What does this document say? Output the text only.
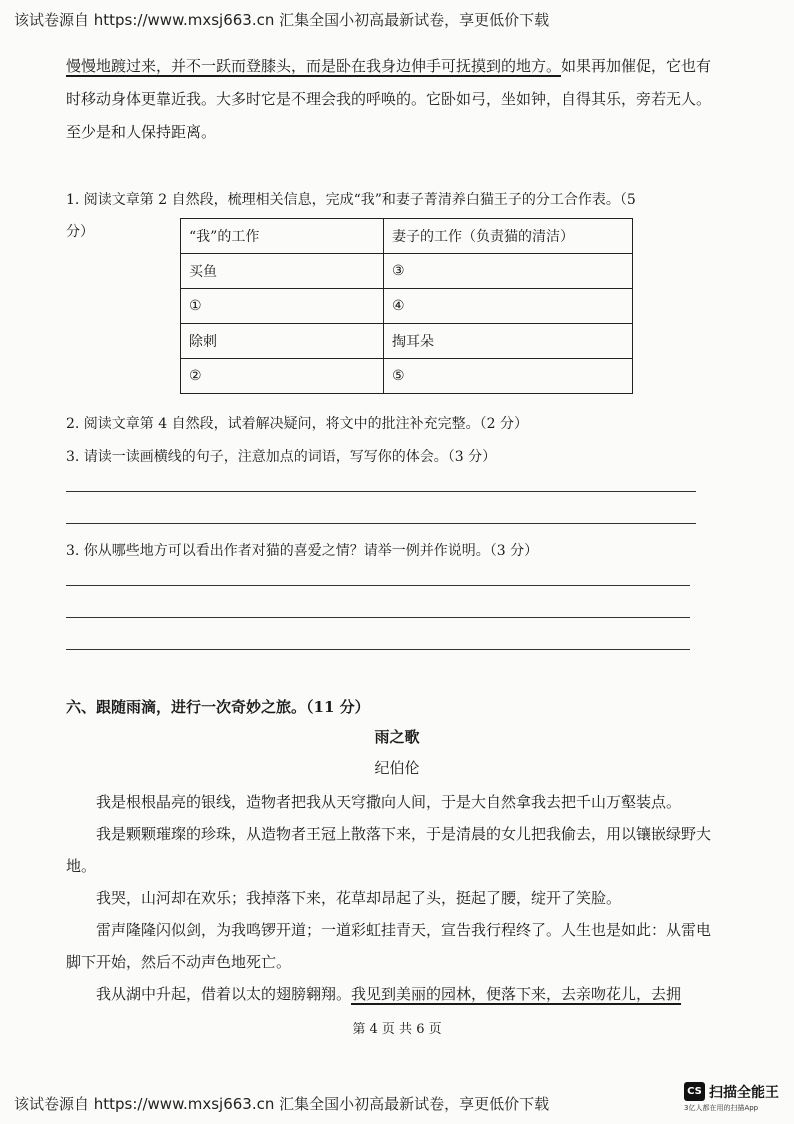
该试卷源自 https://www.mxsj663.cn 汇集全国小初高最新试卷，享更低价下载
慢慢地踱过来，并不一跃而登膝头，而是卧在我身边伸手可抚摸到的地方。如果再加催促，它也有时移动身体更靠近我。大多时它是不理会我的呼唤的。它卧如弓，坐如钟，自得其乐，旁若无人。至少是和人保持距离。
1. 阅读文章第 2 自然段，梳理相关信息，完成“我”和妻子菁清养白猫王子的分工合作表。（5
分）	“我”的工作	妻子的工作（负责猫的清洁）
买鱼	③
①	④
除刺	掏耳朵
②	⑤
2. 阅读文章第 4 自然段，试着解决疑问，将文中的批注补充完整。（2 分）
3. 请读一读画横线的句子，注意加点的词语，写写你的体会。（3 分）
3. 你从哪些地方可以看出作者对猫的喜爱之情？请举一例并作说明。（3 分）
六、跟随雨滴，进行一次奇妙之旅。（11 分）
雨之歌
纪伯伦

我是根根晶亮的银线，造物者把我从天穹撒向人间，于是大自然拿我去把千山万壑装点。

我是颗颗璀璨的珍珠，从造物者王冠上散落下来，于是清晨的女儿把我偷去，用以镶嵌绿野大地。

我哭，山河却在欢乐；我掉落下来，花草却昂起了头，挺起了腰，绽开了笑脸。

雷声隆隆闪似剑，为我鸣锣开道；一道彩虹挂青天，宣告我行程终了。人生也是如此：从雷电脚下开始，然后不动声色地死亡。

我从湖中升起，借着以太的翅膀翱翔。我见到美丽的园林，便落下来，去亲吻花儿，去拥

第 4 页 共 6 页
该试卷源自 https://www.mxsj663.cn 汇集全国小初高最新试卷，享更低价下载
CS 扫描全能王
3亿人都在用的扫描App
